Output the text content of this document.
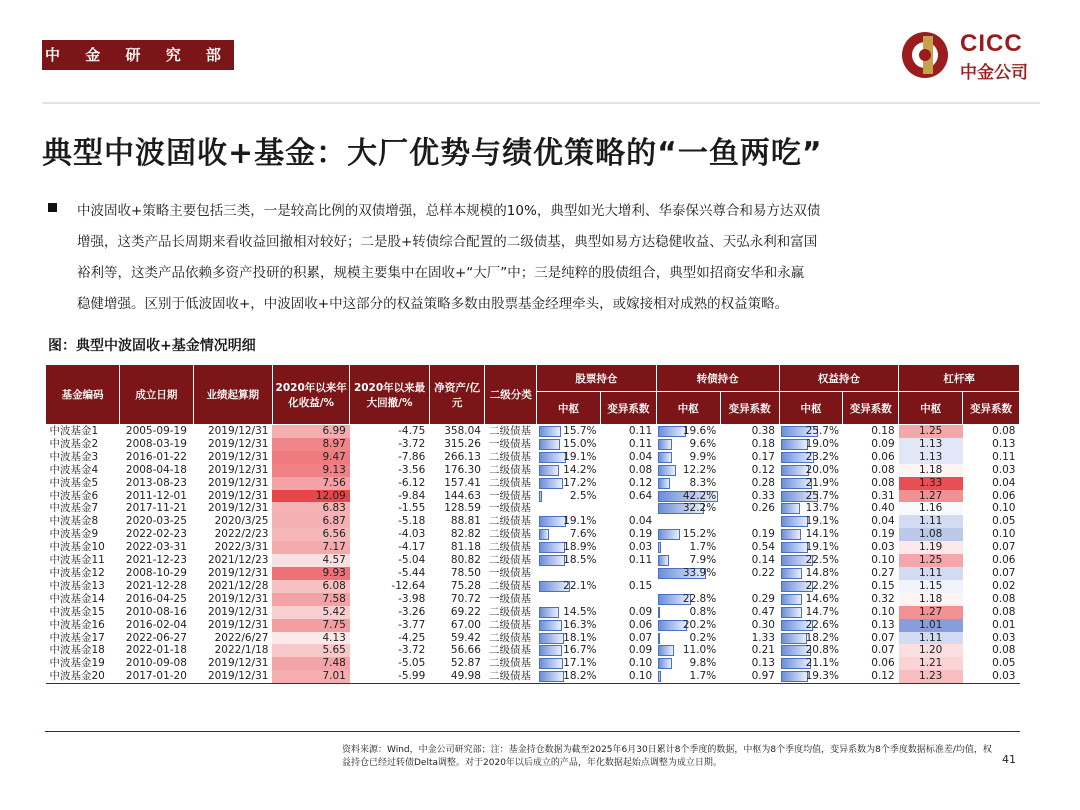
中 金 研 究 部	CICC
中金公司
典型中波固收+基金：大厂优势与绩优策略的“一鱼两吃”
中波固收+策略主要包括三类，一是较高比例的双债增强，总样本规模的10%，典型如光大增利、华泰保兴尊合和易方达双债
增强，这类产品长周期来看收益回撤相对较好；二是股+转债综合配置的二级债基，典型如易方达稳健收益、天弘永利和富国
裕利等，这类产品依赖多资产投研的积累，规模主要集中在固收+“大厂”中；三是纯粹的股债组合，典型如招商安华和永赢
稳健增强。区别于低波固收+，中波固收+中这部分的权益策略多数由股票基金经理牵头，或嫁接相对成熟的权益策略。
图：典型中波固收+基金情况明细
基金编码	成立日期	业绩起算期	2020年以来年化收益/%	2020年以来最大回撤/%	净资产/亿元	二级分类	股票持仓		转债持仓		权益持仓		杠杆率	
							中枢	变异系数	中枢	变异系数	中枢	变异系数	中枢	变异系数
中波基金1	2005-09-19	2019/12/31	6.99	-4.75	358.04	二级债基	15.7%	0.11	19.6%	0.38	25.7%	0.18	1.25	0.08
中波基金2	2008-03-19	2019/12/31	8.97	-3.72	315.26	一级债基	15.0%	0.11	9.6%	0.18	19.0%	0.09	1.13	0.13
中波基金3	2016-01-22	2019/12/31	9.47	-7.86	266.13	二级债基	19.1%	0.04	9.9%	0.17	23.2%	0.06	1.13	0.11
中波基金4	2008-04-18	2019/12/31	9.13	-3.56	176.30	二级债基	14.2%	0.08	12.2%	0.12	20.0%	0.08	1.18	0.03
中波基金5	2013-08-23	2019/12/31	7.56	-6.12	157.41	二级债基	17.2%	0.12	8.3%	0.28	21.9%	0.08	1.33	0.04
中波基金6	2011-12-01	2019/12/31	12.09	-9.84	144.63	一级债基	2.5%	0.64	42.2%	0.33	25.7%	0.31	1.27	0.06
中波基金7	2017-11-21	2019/12/31	6.83	-1.55	128.59	一级债基			32.2%	0.26	13.7%	0.40	1.16	0.10
中波基金8	2020-03-25	2020/3/25	6.87	-5.18	88.81	二级债基	19.1%	0.04			19.1%	0.04	1.11	0.05
中波基金9	2022-02-23	2022/2/23	6.56	-4.03	82.82	二级债基	7.6%	0.19	15.2%	0.19	14.1%	0.19	1.08	0.10
中波基金10	2022-03-31	2022/3/31	7.17	-4.17	81.18	二级债基	18.9%	0.03	1.7%	0.54	19.1%	0.03	1.19	0.07
中波基金11	2021-12-23	2021/12/23	4.57	-5.04	80.82	二级债基	18.5%	0.11	7.9%	0.14	22.5%	0.10	1.25	0.06
中波基金12	2008-10-29	2019/12/31	9.93	-5.44	78.50	一级债基			33.9%	0.22	14.8%	0.27	1.11	0.07
中波基金13	2021-12-28	2021/12/28	6.08	-12.64	75.28	二级债基	22.1%	0.15			22.2%	0.15	1.15	0.02
中波基金14	2016-04-25	2019/12/31	7.58	-3.98	70.72	一级债基			22.8%	0.29	14.6%	0.32	1.18	0.08
中波基金15	2010-08-16	2019/12/31	5.42	-3.26	69.22	二级债基	14.5%	0.09	0.8%	0.47	14.7%	0.10	1.27	0.08
中波基金16	2016-02-04	2019/12/31	7.75	-3.77	67.00	二级债基	16.3%	0.06	20.2%	0.30	22.6%	0.13	1.01	0.01
中波基金17	2022-06-27	2022/6/27	4.13	-4.25	59.42	二级债基	18.1%	0.07	0.2%	1.33	18.2%	0.07	1.11	0.03
中波基金18	2022-01-18	2022/1/18	5.65	-3.72	56.66	二级债基	16.7%	0.09	11.0%	0.21	20.8%	0.07	1.20	0.08
中波基金19	2010-09-08	2019/12/31	7.48	-5.05	52.87	二级债基	17.1%	0.10	9.8%	0.13	21.1%	0.06	1.21	0.05
中波基金20	2017-01-20	2019/12/31	7.01	-5.99	49.98	二级债基	18.2%	0.10	1.7%	0.97	19.3%	0.12	1.23	0.03
资料来源：Wind，中金公司研究部；注：基金持仓数据为截至2025年6月30日累计8个季度的数据，中枢为8个季度均值，变异系数为8个季度数据标准差/均值，权益持仓已经过转债Delta调整。对于2020年以后成立的产品，年化数据起始点调整为成立日期。	41
